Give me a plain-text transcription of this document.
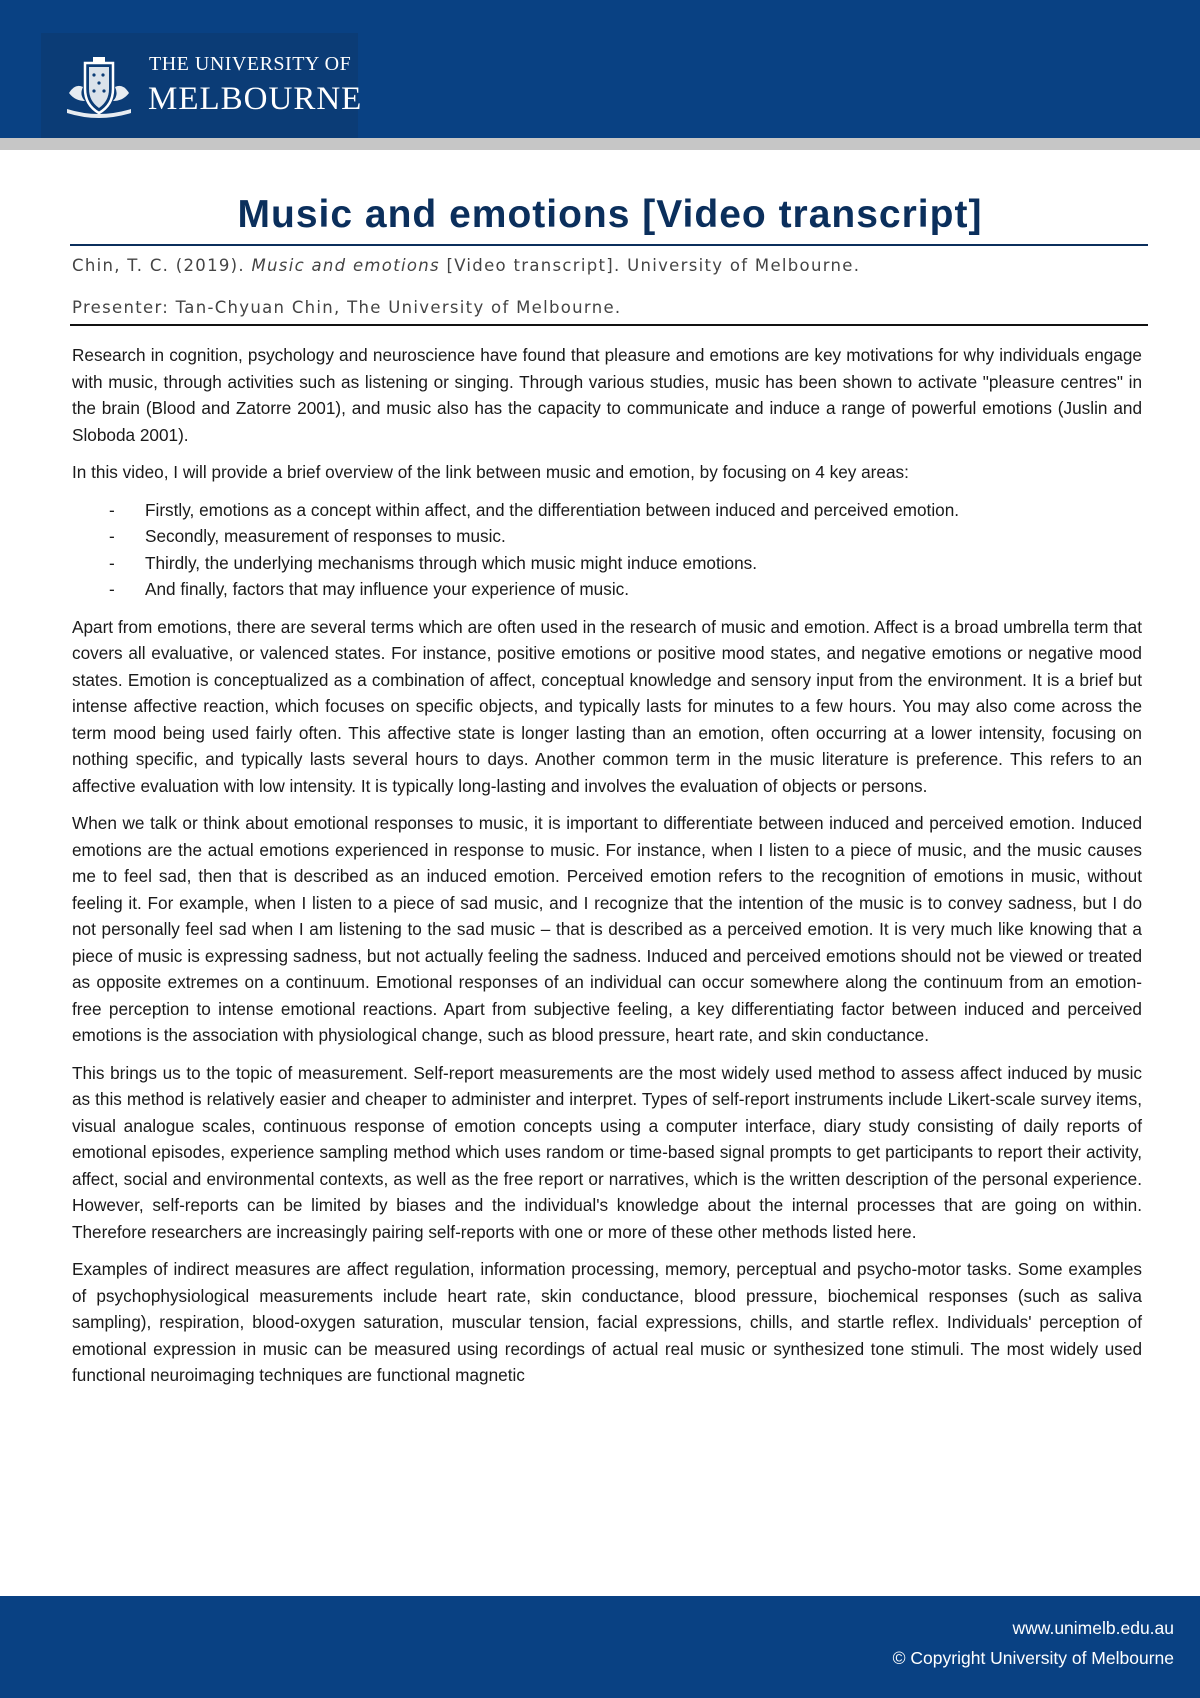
THE UNIVERSITY OF
MELBOURNE
Music and emotions [Video transcript]
Chin, T. C. (2019). Music and emotions [Video transcript]. University of Melbourne.
Presenter: Tan-Chyuan Chin, The University of Melbourne.

Research in cognition, psychology and neuroscience have found that pleasure and emotions are key motivations for why individuals engage with music, through activities such as listening or singing. Through various studies, music has been shown to activate "pleasure centres" in the brain (Blood and Zatorre 2001), and music also has the capacity to communicate and induce a range of powerful emotions (Juslin and Sloboda 2001).

In this video, I will provide a brief overview of the link between music and emotion, by focusing on 4 key areas:

- Firstly, emotions as a concept within affect, and the differentiation between induced and perceived emotion.
- Secondly, measurement of responses to music.
- Thirdly, the underlying mechanisms through which music might induce emotions.
- And finally, factors that may influence your experience of music.

Apart from emotions, there are several terms which are often used in the research of music and emotion. Affect is a broad umbrella term that covers all evaluative, or valenced states. For instance, positive emotions or positive mood states, and negative emotions or negative mood states. Emotion is conceptualized as a combination of affect, conceptual knowledge and sensory input from the environment. It is a brief but intense affective reaction, which focuses on specific objects, and typically lasts for minutes to a few hours. You may also come across the term mood being used fairly often. This affective state is longer lasting than an emotion, often occurring at a lower intensity, focusing on nothing specific, and typically lasts several hours to days. Another common term in the music literature is preference. This refers to an affective evaluation with low intensity. It is typically long-lasting and involves the evaluation of objects or persons.

When we talk or think about emotional responses to music, it is important to differentiate between induced and perceived emotion. Induced emotions are the actual emotions experienced in response to music. For instance, when I listen to a piece of music, and the music causes me to feel sad, then that is described as an induced emotion. Perceived emotion refers to the recognition of emotions in music, without feeling it. For example, when I listen to a piece of sad music, and I recognize that the intention of the music is to convey sadness, but I do not personally feel sad when I am listening to the sad music – that is described as a perceived emotion. It is very much like knowing that a piece of music is expressing sadness, but not actually feeling the sadness. Induced and perceived emotions should not be viewed or treated as opposite extremes on a continuum. Emotional responses of an individual can occur somewhere along the continuum from an emotion-free perception to intense emotional reactions. Apart from subjective feeling, a key differentiating factor between induced and perceived emotions is the association with physiological change, such as blood pressure, heart rate, and skin conductance.

This brings us to the topic of measurement. Self-report measurements are the most widely used method to assess affect induced by music as this method is relatively easier and cheaper to administer and interpret. Types of self-report instruments include Likert-scale survey items, visual analogue scales, continuous response of emotion concepts using a computer interface, diary study consisting of daily reports of emotional episodes, experience sampling method which uses random or time-based signal prompts to get participants to report their activity, affect, social and environmental contexts, as well as the free report or narratives, which is the written description of the personal experience. However, self-reports can be limited by biases and the individual's knowledge about the internal processes that are going on within. Therefore researchers are increasingly pairing self-reports with one or more of these other methods listed here.

Examples of indirect measures are affect regulation, information processing, memory, perceptual and psycho-motor tasks. Some examples of psychophysiological measurements include heart rate, skin conductance, blood pressure, biochemical responses (such as saliva sampling), respiration, blood-oxygen saturation, muscular tension, facial expressions, chills, and startle reflex. Individuals' perception of emotional expression in music can be measured using recordings of actual real music or synthesized tone stimuli. The most widely used functional neuroimaging techniques are functional magnetic

www.unimelb.edu.au
© Copyright University of Melbourne
